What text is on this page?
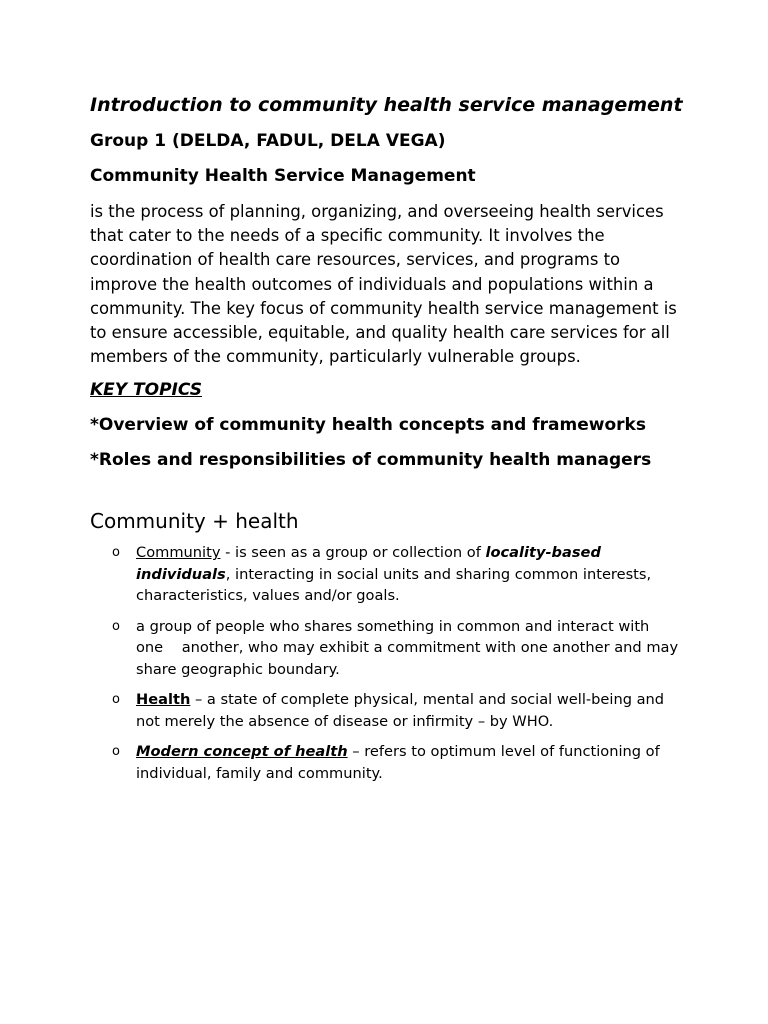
Introduction to community health service management
Group 1 (DELDA, FADUL, DELA VEGA)
Community Health Service Management
is the process of planning, organizing, and overseeing health services that cater to the needs of a specific community. It involves the coordination of health care resources, services, and programs to improve the health outcomes of individuals and populations within a community. The key focus of community health service management is to ensure accessible, equitable, and quality health care services for all members of the community, particularly vulnerable groups.
KEY TOPICS
*Overview of community health concepts and frameworks
*Roles and responsibilities of community health managers
Community + health
o Community - is seen as a group or collection of locality-based individuals, interacting in social units and sharing common interests, characteristics, values and/or goals.
o a group of people who shares something in common and interact with one    another, who may exhibit a commitment with one another and may share geographic boundary.
o Health – a state of complete physical, mental and social well-being and not merely the absence of disease or infirmity – by WHO.
o Modern concept of health – refers to optimum level of functioning of individual, family and community.
